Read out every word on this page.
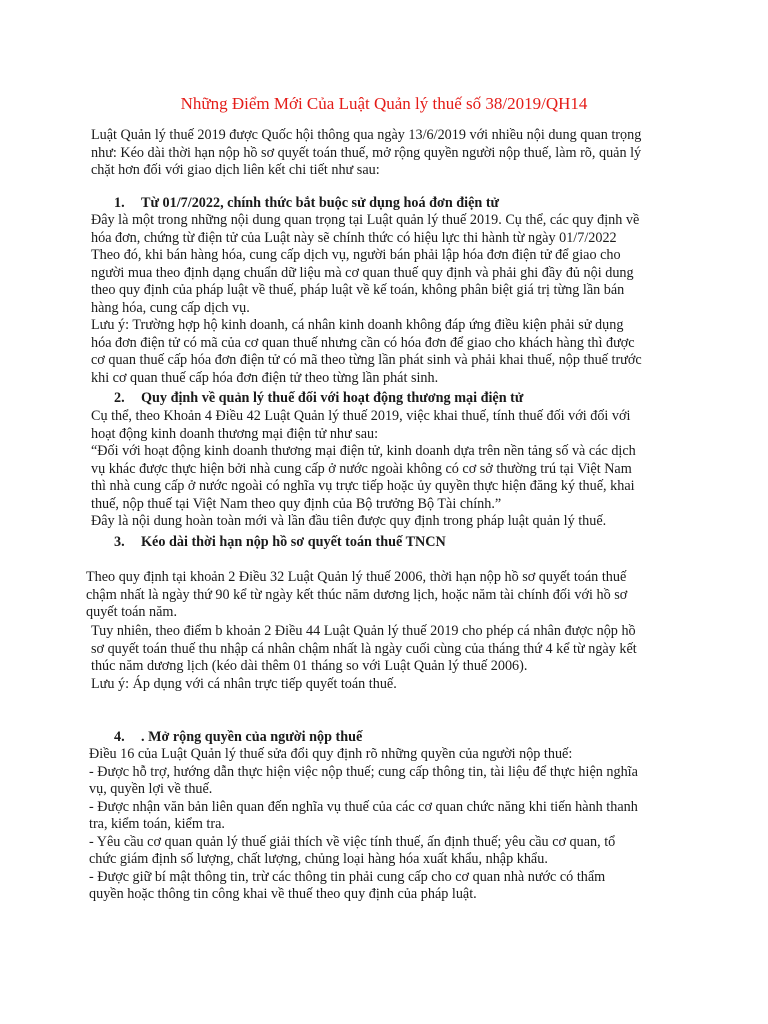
Những Điểm Mới Của Luật Quản lý thuế số 38/2019/QH14

Luật Quản lý thuế 2019 được Quốc hội thông qua ngày 13/6/2019 với nhiều nội dung quan trọng

như: Kéo dài thời hạn nộp hồ sơ quyết toán thuế, mở rộng quyền người nộp thuế, làm rõ, quản lý

chặt hơn đối với giao dịch liên kết chi tiết như sau:

1. Từ 01/7/2022, chính thức bắt buộc sử dụng hoá đơn điện tử

Đây là một trong những nội dung quan trọng tại Luật quản lý thuế 2019. Cụ thể, các quy định về

hóa đơn, chứng từ điện tử của Luật này sẽ chính thức có hiệu lực thi hành từ ngày 01/7/2022

Theo đó, khi bán hàng hóa, cung cấp dịch vụ, người bán phải lập hóa đơn điện tử để giao cho

người mua theo định dạng chuẩn dữ liệu mà cơ quan thuế quy định và phải ghi đầy đủ nội dung

theo quy định của pháp luật về thuế, pháp luật về kế toán, không phân biệt giá trị từng lần bán

hàng hóa, cung cấp dịch vụ.

Lưu ý: Trường hợp hộ kinh doanh, cá nhân kinh doanh không đáp ứng điều kiện phải sử dụng

hóa đơn điện tử có mã của cơ quan thuế nhưng cần có hóa đơn để giao cho khách hàng thì được

cơ quan thuế cấp hóa đơn điện tử có mã theo từng lần phát sinh và phải khai thuế, nộp thuế trước

khi cơ quan thuế cấp hóa đơn điện tử theo từng lần phát sinh.

2. Quy định về quản lý thuế đối với hoạt động thương mại điện tử

Cụ thể, theo Khoản 4 Điều 42 Luật Quản lý thuế 2019, việc khai thuế, tính thuế đối với đối với

hoạt động kinh doanh thương mại điện tử như sau:

“Đối với hoạt động kinh doanh thương mại điện tử, kinh doanh dựa trên nền tảng số và các dịch

vụ khác được thực hiện bởi nhà cung cấp ở nước ngoài không có cơ sở thường trú tại Việt Nam

thì nhà cung cấp ở nước ngoài có nghĩa vụ trực tiếp hoặc ủy quyền thực hiện đăng ký thuế, khai

thuế, nộp thuế tại Việt Nam theo quy định của Bộ trưởng Bộ Tài chính.”

Đây là nội dung hoàn toàn mới và lần đầu tiên được quy định trong pháp luật quản lý thuế.

3. Kéo dài thời hạn nộp hồ sơ quyết toán thuế TNCN

Theo quy định tại khoản 2 Điều 32 Luật Quản lý thuế 2006, thời hạn nộp hồ sơ quyết toán thuế

chậm nhất là ngày thứ 90 kể từ ngày kết thúc năm dương lịch, hoặc năm tài chính đối với hồ sơ

quyết toán năm.

Tuy nhiên, theo điểm b khoản 2 Điều 44 Luật Quản lý thuế 2019 cho phép cá nhân được nộp hồ

sơ quyết toán thuế thu nhập cá nhân chậm nhất là ngày cuối cùng của tháng thứ 4 kể từ ngày kết

thúc năm dương lịch (kéo dài thêm 01 tháng so với Luật Quản lý thuế 2006).

Lưu ý: Áp dụng với cá nhân trực tiếp quyết toán thuế.

4. . Mở rộng quyền của người nộp thuế

Điều 16 của Luật Quản lý thuế sửa đổi quy định rõ những quyền của người nộp thuế:

- Được hỗ trợ, hướng dẫn thực hiện việc nộp thuế; cung cấp thông tin, tài liệu để thực hiện nghĩa

vụ, quyền lợi về thuế.

- Được nhận văn bản liên quan đến nghĩa vụ thuế của các cơ quan chức năng khi tiến hành thanh

tra, kiểm toán, kiểm tra.

- Yêu cầu cơ quan quản lý thuế giải thích về việc tính thuế, ấn định thuế; yêu cầu cơ quan, tổ

chức giám định số lượng, chất lượng, chủng loại hàng hóa xuất khẩu, nhập khẩu.

- Được giữ bí mật thông tin, trừ các thông tin phải cung cấp cho cơ quan nhà nước có thẩm

quyền hoặc thông tin công khai về thuế theo quy định của pháp luật.
